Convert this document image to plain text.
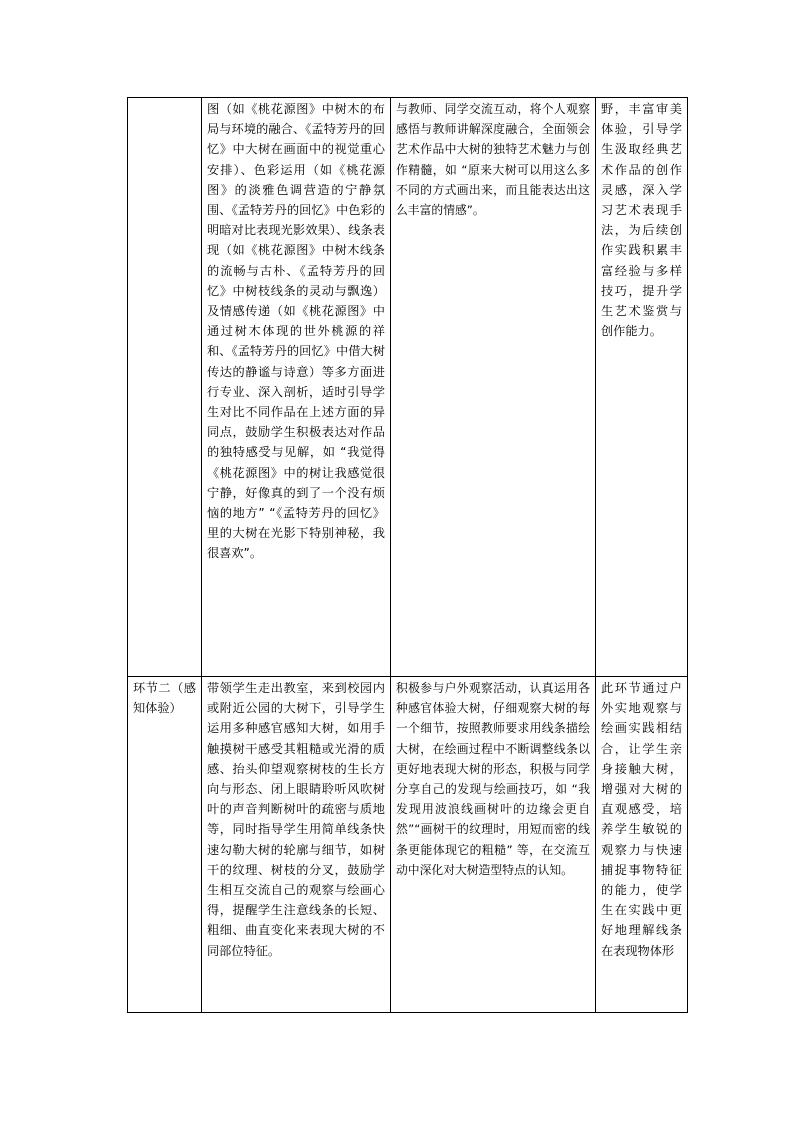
	图（如《桃花源图》中树木的布局与环境的融合、《孟特芳丹的回忆》中大树在画面中的视觉重心安排）、色彩运用（如《桃花源图》的淡雅色调营造的宁静氛围、《孟特芳丹的回忆》中色彩的明暗对比表现光影效果）、线条表现（如《桃花源图》中树木线条的流畅与古朴、《孟特芳丹的回忆》中树枝线条的灵动与飘逸）及情感传递（如《桃花源图》中通过树木体现的世外桃源的祥和、《孟特芳丹的回忆》中借大树传达的静谧与诗意）等多方面进行专业、深入剖析，适时引导学生对比不同作品在上述方面的异同点，鼓励学生积极表达对作品的独特感受与见解，如 “我觉得《桃花源图》中的树让我感觉很宁静，好像真的到了一个没有烦恼的地方” “《孟特芳丹的回忆》里的大树在光影下特别神秘，我很喜欢”。	与教师、同学交流互动，将个人观察感悟与教师讲解深度融合，全面领会艺术作品中大树的独特艺术魅力与创作精髓，如 “原来大树可以用这么多不同的方式画出来，而且能表达出这么丰富的情感”。	野，丰富审美体验，引导学生汲取经典艺术作品的创作灵感，深入学习艺术表现手法，为后续创作实践积累丰富经验与多样技巧，提升学生艺术鉴赏与创作能力。
环节二（感知体验）	带领学生走出教室，来到校园内或附近公园的大树下，引导学生运用多种感官感知大树，如用手触摸树干感受其粗糙或光滑的质感、抬头仰望观察树枝的生长方向与形态、闭上眼睛聆听风吹树叶的声音判断树叶的疏密与质地等，同时指导学生用简单线条快速勾勒大树的轮廓与细节，如树干的纹理、树枝的分叉，鼓励学生相互交流自己的观察与绘画心得，提醒学生注意线条的长短、粗细、曲直变化来表现大树的不同部位特征。	积极参与户外观察活动，认真运用各种感官体验大树，仔细观察大树的每一个细节，按照教师要求用线条描绘大树，在绘画过程中不断调整线条以更好地表现大树的形态，积极与同学分享自己的发现与绘画技巧，如 “我发现用波浪线画树叶的边缘会更自然”“画树干的纹理时，用短而密的线条更能体现它的粗糙” 等，在交流互动中深化对大树造型特点的认知。	此环节通过户外实地观察与绘画实践相结合，让学生亲身接触大树，增强对大树的直观感受，培养学生敏锐的观察力与快速捕捉事物特征的能力，使学生在实践中更好地理解线条在表现物体形
